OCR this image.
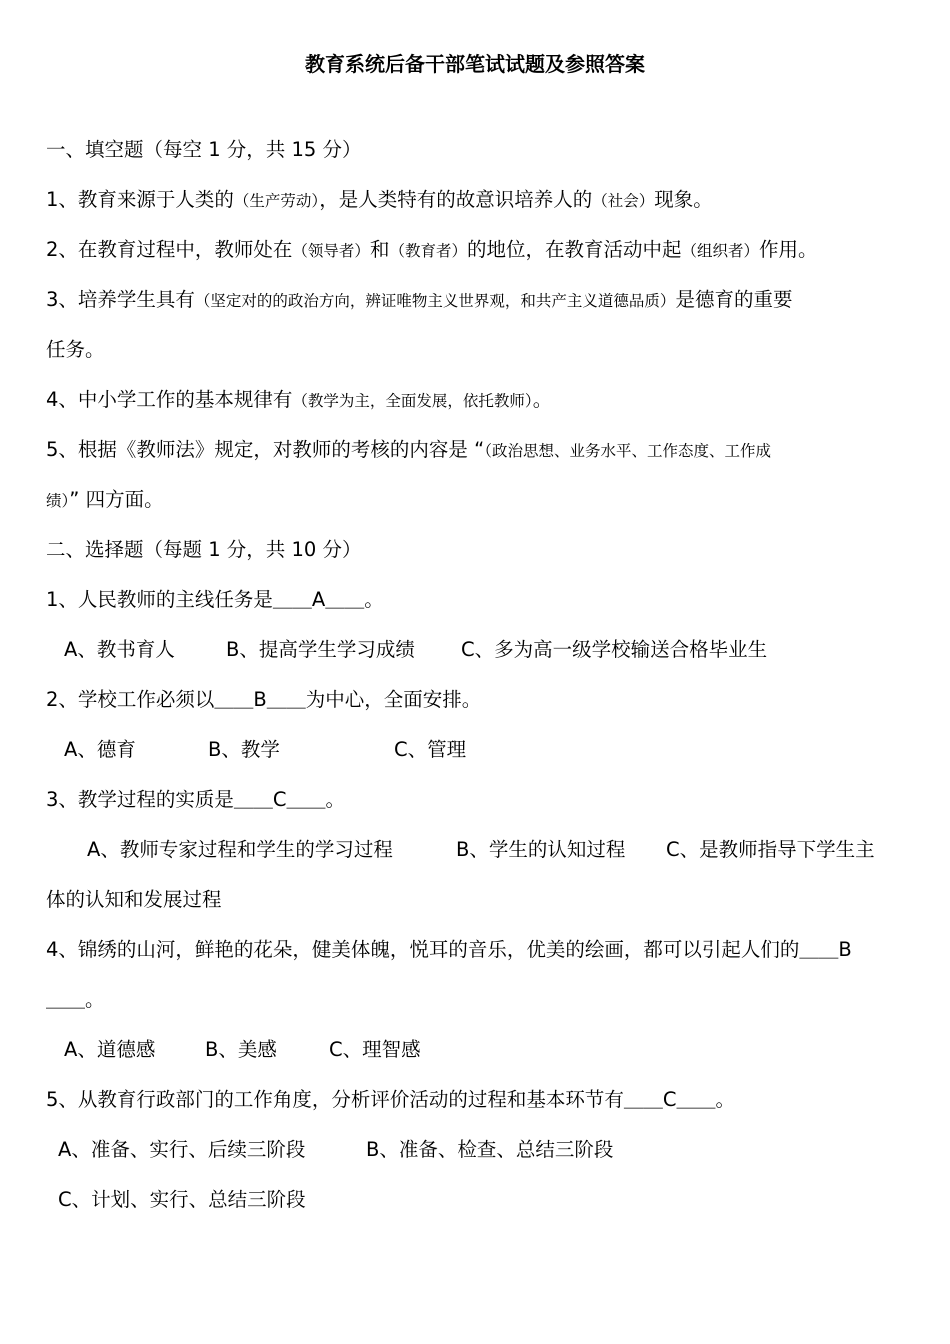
教育系统后备干部笔试试题及参照答案
一、填空题（每空 1 分，共 15 分）
1、教育来源于人类的（生产劳动），是人类特有的故意识培养人的（社会）现象。
2、在教育过程中，教师处在（领导者）和（教育者）的地位，在教育活动中起（组织者）作用。
3、培养学生具有（坚定对的的政治方向，辨证唯物主义世界观，和共产主义道德品质）是德育的重要
任务。
4、中小学工作的基本规律有（教学为主，全面发展，依托教师）。
5、根据《教师法》规定，对教师的考核的内容是 “（政治思想、业务水平、工作态度、工作成
绩）” 四方面。
二、选择题（每题 1 分，共 10 分）
1、人民教师的主线任务是＿＿A＿＿。
A、教书育人	B、提高学生学习成绩 C、多为高一级学校输送合格毕业生
2、学校工作必须以＿＿B＿＿为中心，全面安排。
A、德育	B、教学	C、管理
3、教学过程的实质是＿＿C＿＿。
A、教师专家过程和学生的学习过程	B、学生的认知过程 C、是教师指导下学生主
体的认知和发展过程
4、锦绣的山河，鲜艳的花朵，健美体魄，悦耳的音乐，优美的绘画，都可以引起人们的＿＿B
＿＿。
A、道德感	B、美感	C、理智感
5、从教育行政部门的工作角度，分析评价活动的过程和基本环节有＿＿C＿＿。
A、准备、实行、后续三阶段	B、准备、检查、总结三阶段
C、计划、实行、总结三阶段
